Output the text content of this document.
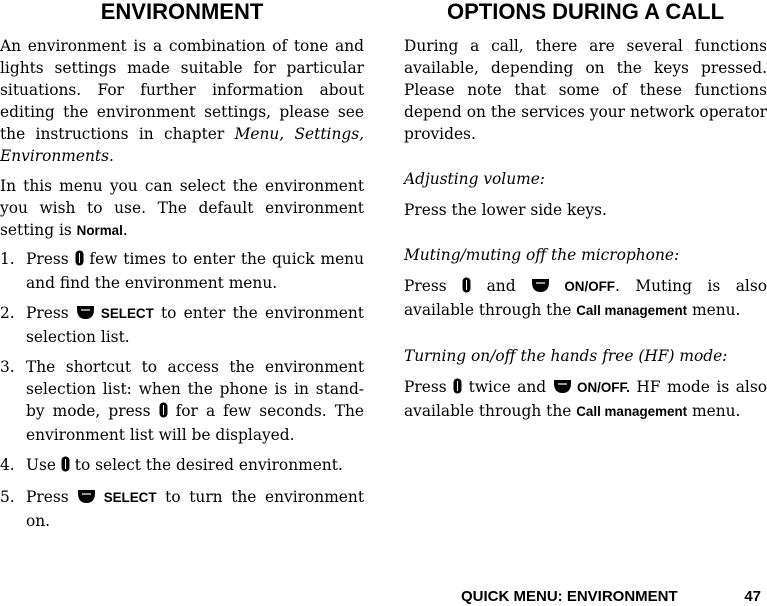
ENVIRONMENT

An environment is a combination of tone and lights settings made suitable for particular situations. For further information about editing the environment settings, please see the instructions in chapter Menu, Settings, Environments.

In this menu you can select the environment you wish to use. The default environment setting is Normal.

1. Press  few times to enter the quick menu and find the environment menu.
2. Press  SELECT to enter the environment selection list.
3. The shortcut to access the environment selection list: when the phone is in stand-by mode, press  for a few seconds. The environment list will be displayed.
4. Use  to select the desired environment.
5. Press  SELECT to turn the environment on.
OPTIONS DURING A CALL

During a call, there are several functions available, depending on the keys pressed. Please note that some of these functions depend on the services your network operator provides.

Adjusting volume:

Press the lower side keys.

Muting/muting off the microphone:

Press  and  ON/OFF. Muting is also available through the Call management menu.

Turning on/off the hands free (HF) mode:

Press  twice and  ON/OFF. HF mode is also available through the Call management menu.

QUICK MENU: ENVIRONMENT	47
